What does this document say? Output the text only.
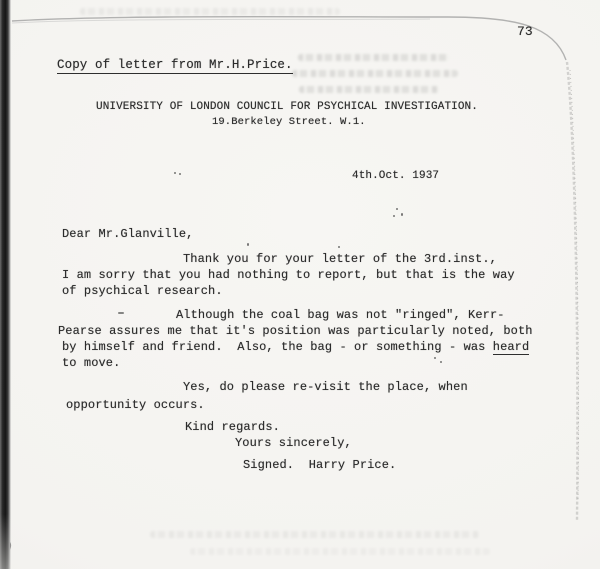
73
Copy of letter from Mr.H.Price.
UNIVERSITY OF LONDON COUNCIL FOR PSYCHICAL INVESTIGATION.
19.Berkeley Street. W.1.
4th.Oct. 1937
Dear Mr.Glanville,
Thank you for your letter of the 3rd.inst.,
I am sorry that you had nothing to report, but that is the way
of psychical research.
Although the coal bag was not "ringed", Kerr-
Pearse assures me that it's position was particularly noted, both
by himself and friend.  Also, the bag - or something - was heard
to move.
Yes, do please re-visit the place, when
opportunity occurs.
Kind regards.
Yours sincerely,
Signed.  Harry Price.
